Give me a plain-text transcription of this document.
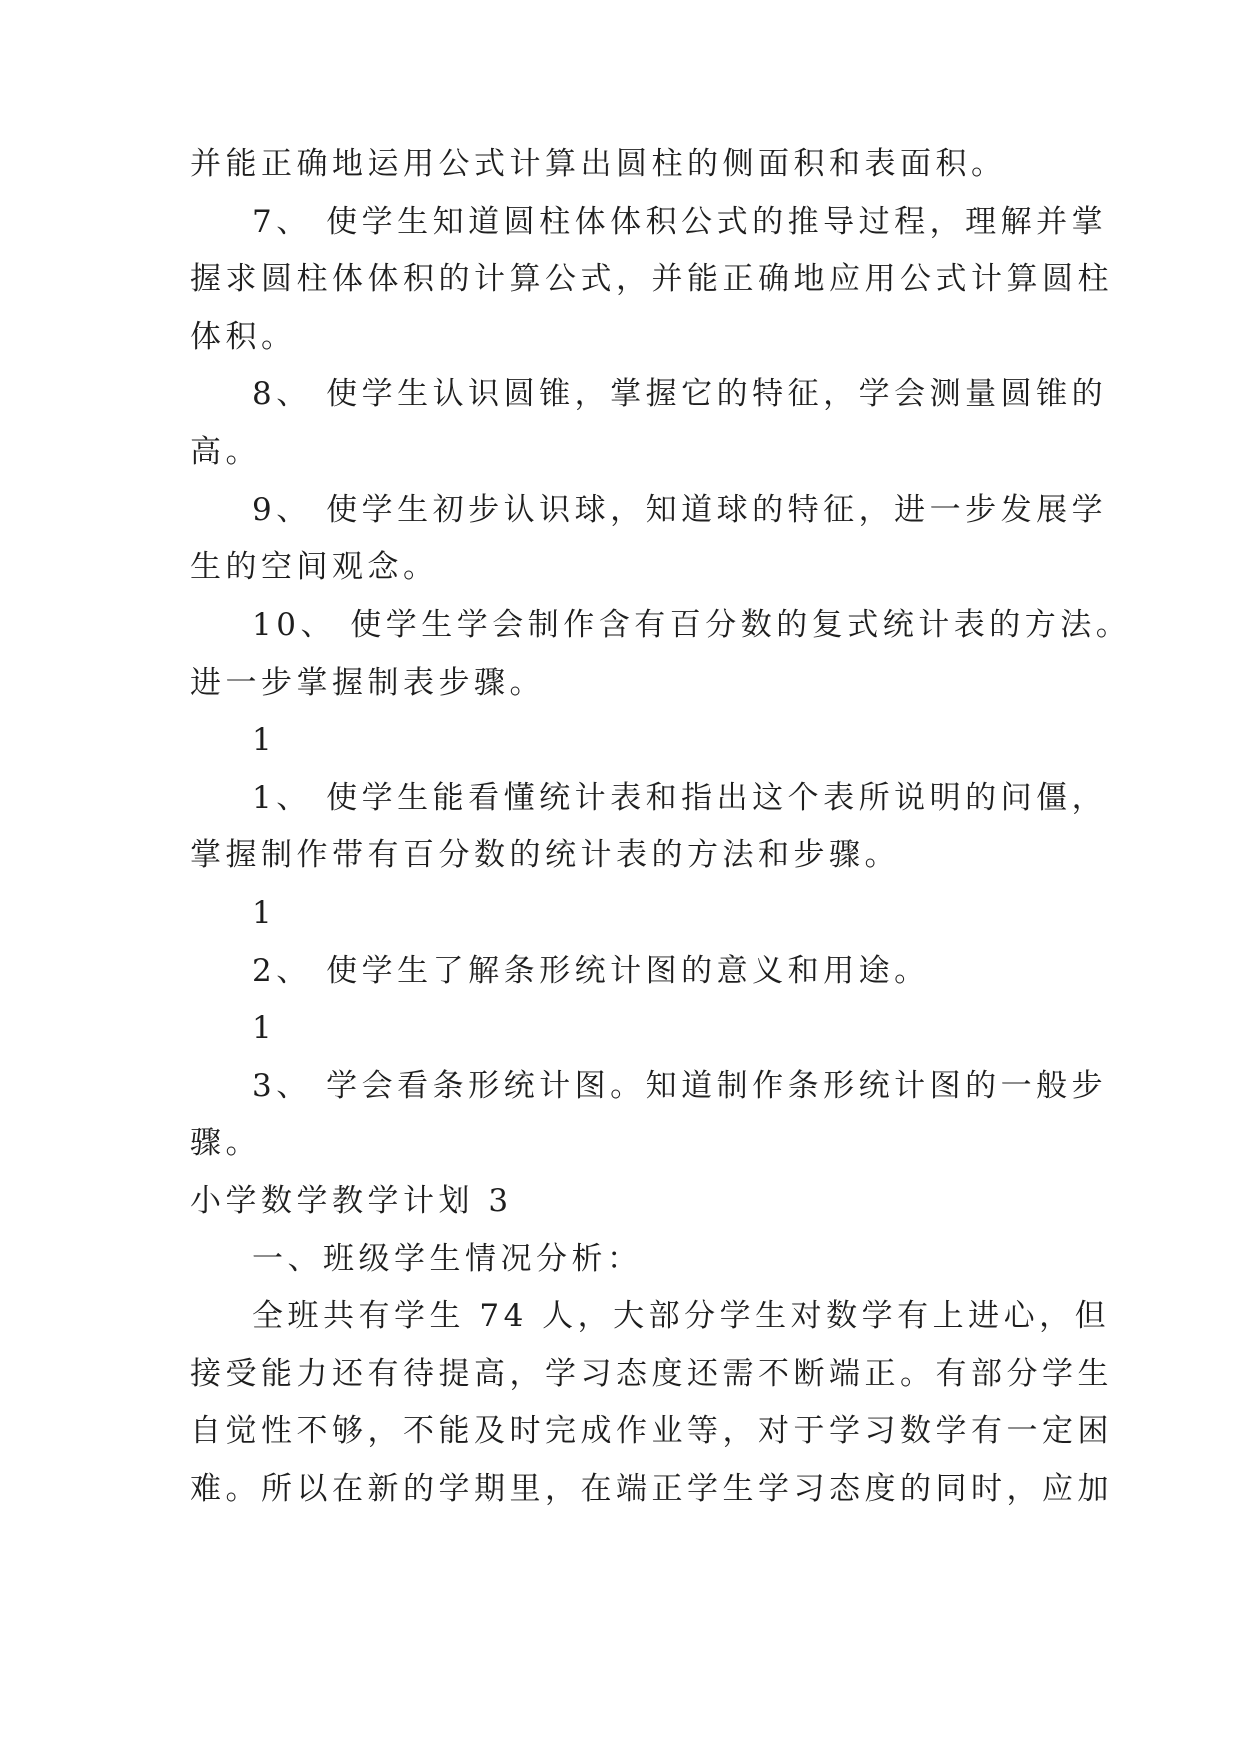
并能正确地运用公式计算出圆柱的侧面积和表面积。
7、 使学生知道圆柱体体积公式的推导过程，理解并掌
握求圆柱体体积的计算公式，并能正确地应用公式计算圆柱
体积。
8、 使学生认识圆锥，掌握它的特征，学会测量圆锥的
高。
9、 使学生初步认识球，知道球的特征，进一步发展学
生的空间观念。
10、 使学生学会制作含有百分数的复式统计表的方法。
进一步掌握制表步骤。
1
1、 使学生能看懂统计表和指出这个表所说明的问僵，
掌握制作带有百分数的统计表的方法和步骤。
1
2、 使学生了解条形统计图的意义和用途。
1
3、 学会看条形统计图。知道制作条形统计图的一般步
骤。
小学数学教学计划 3
一、班级学生情况分析：
全班共有学生 74 人，大部分学生对数学有上进心，但
接受能力还有待提高，学习态度还需不断端正。有部分学生
自觉性不够，不能及时完成作业等，对于学习数学有一定困
难。所以在新的学期里，在端正学生学习态度的同时，应加
